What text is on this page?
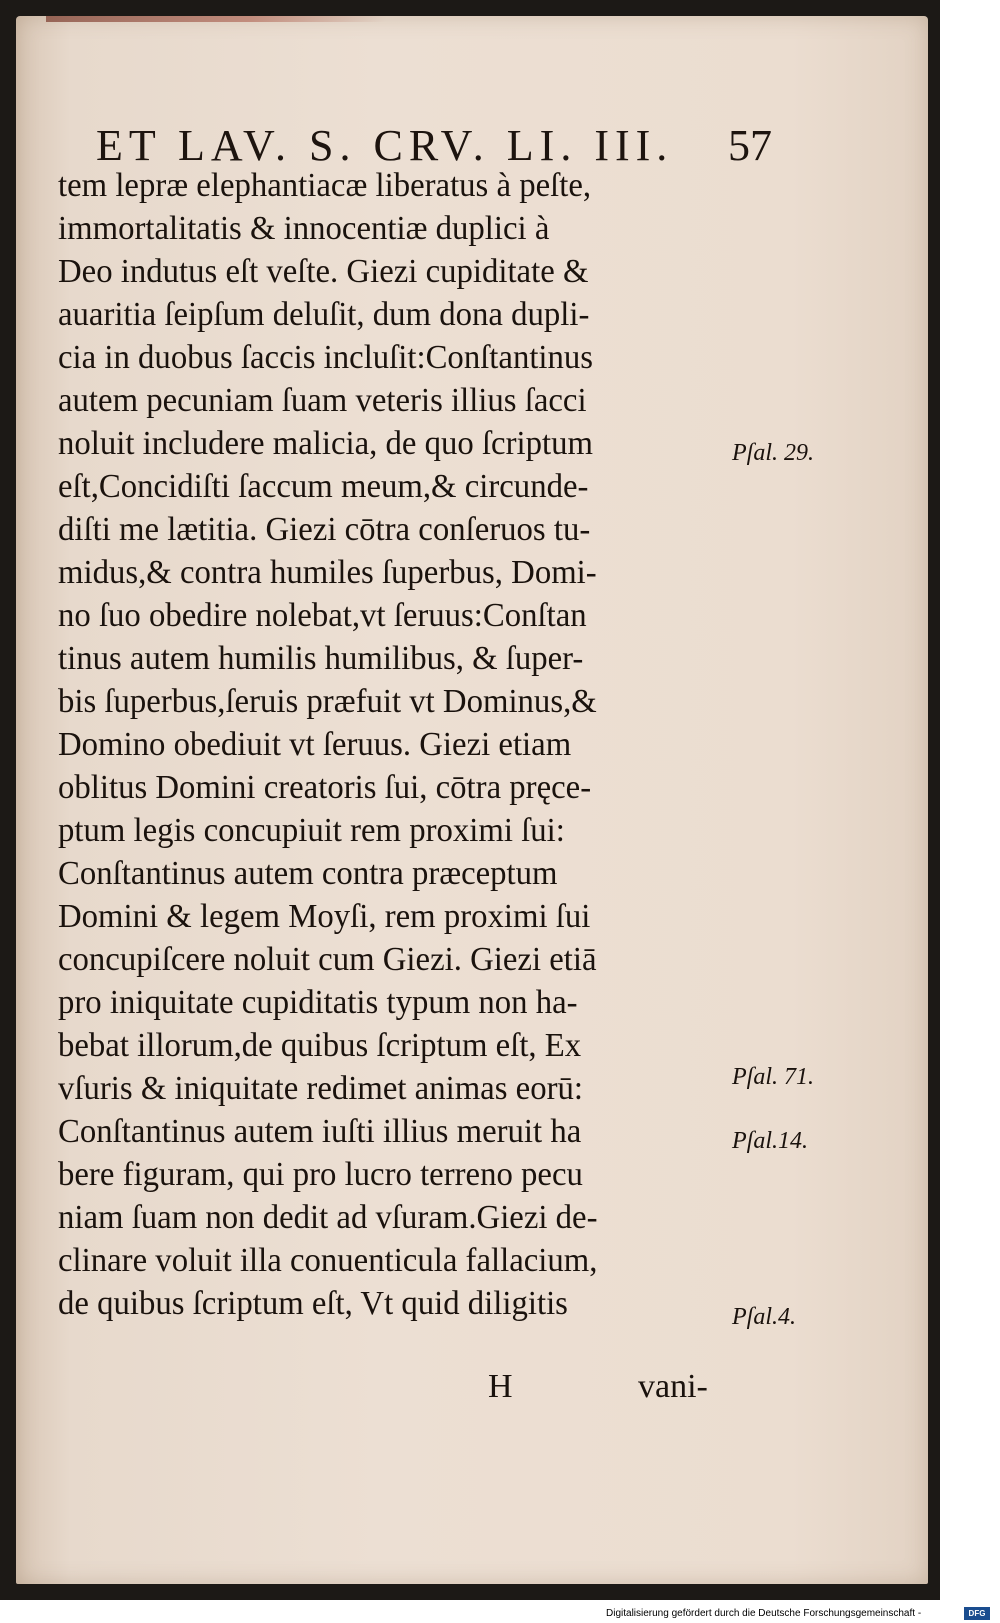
ET LAV. S. CRV. LI. III. 57
tem lepræ elephantiacæ liberatus à peſte,
immortalitatis & innocentiæ duplici à
Deo indutus eſt veſte. Giezi cupiditate &
auaritia ſeipſum deluſit, dum dona dupli-
cia in duobus ſaccis incluſit:Conſtantinus
autem pecuniam ſuam veteris illius ſacci
noluit includere malicia, de quo ſcriptum
eſt,Concidiſti ſaccum meum,& circunde-
diſti me lætitia. Giezi cōtra conſeruos tu-
midus,& contra humiles ſuperbus, Domi-
no ſuo obedire nolebat,vt ſeruus:Conſtan
tinus autem humilis humilibus, & ſuper-
bis ſuperbus,ſeruis præfuit vt Dominus,&
Domino obediuit vt ſeruus. Giezi etiam
oblitus Domini creatoris ſui, cōtra pręce-
ptum legis concupiuit rem proximi ſui:
Conſtantinus autem contra præceptum
Domini & legem Moyſi, rem proximi ſui
concupiſcere noluit cum Giezi. Giezi etiā
pro iniquitate cupiditatis typum non ha-
bebat illorum,de quibus ſcriptum eſt, Ex
vſuris & iniquitate redimet animas eorū:
Conſtantinus autem iuſti illius meruit ha
bere figuram, qui pro lucro terreno pecu
niam ſuam non dedit ad vſuram.Giezi de-
clinare voluit illa conuenticula fallacium,
de quibus ſcriptum eſt, Vt quid diligitis
H	vani-
Pſal. 29.
Pſal. 71.
Pſal.14.
Pſal.4.
Digitalisierung gefördert durch die Deutsche Forschungsgemeinschaft -	DFG
